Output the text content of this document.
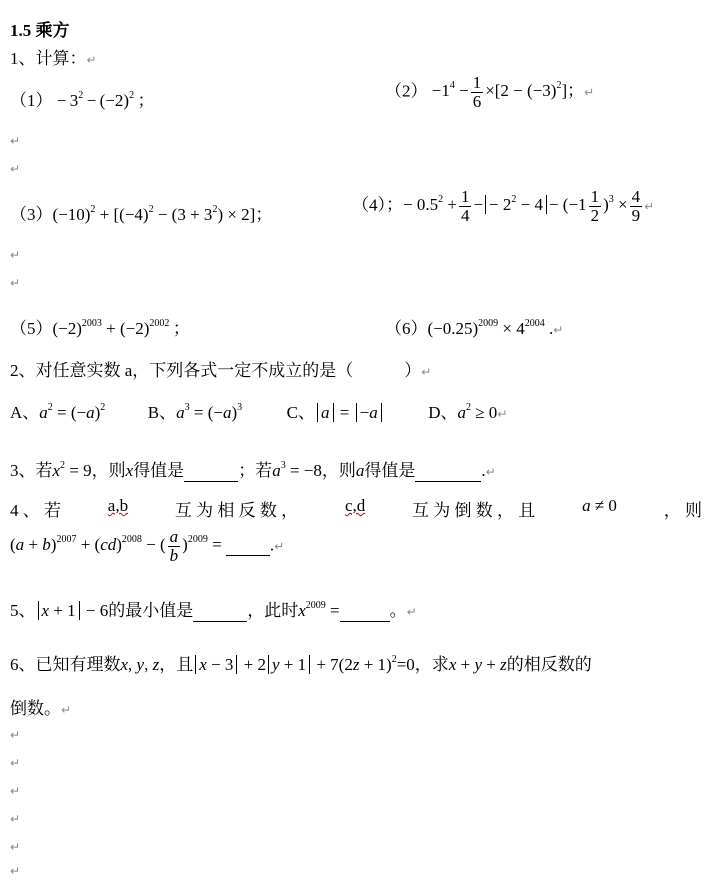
1.5 乘方
1、计算：↵
$(1) - 3^2 - (-2)^2$ ；
$(2) -1^4 - \frac{1}{6} \times[2 - (-3)^2]$；↵
↵
↵
$(3)(-10)^2 + [(-4)^2 - (3 + 3^2) \times 2]$；
（4）；− $0.5^2 + \frac{1}{4}$ − − $2^2 - 4 - (-1 \frac{1}{2} )^3 \times \frac{4}{9}$ ↵
↵
↵
$(5)(-2)^{2003} + (-2)^{2002}$ ；	$(6)(-0.25)^{2009} \times 4^{2004}$ .↵
2、对任意实数 a，下列各式一定不成立的是（　　　）↵
A、$a^2 = (-a)^2$	B、$a^3 = (-a)^3$	C、 a = −a	D、$a^2$ ≥ 0↵
3、若$x^2 = 9$，则x得值是	；若$a^3 = -8$，则a得值是	.↵
4 、 若	a,b	互 为 相 反 数 ，	c,d	互 为 倒 数 ， 且	a ≠ 0	， 则
$(a + b)^{2007} + (cd)^{2008}$ − ( $\frac{a}{b} )^{2009}$ =	.↵
5、 x + 1 − 6的最小值是	，此时$x^{2009}$ =	。↵
6、已知有理数x, y, z，且 x − 3 + 2 $y + 1 + 7(2z + 1)^2=0$，求x + y + z的相反数的
倒数。↵
↵
↵
↵
↵
↵
↵
